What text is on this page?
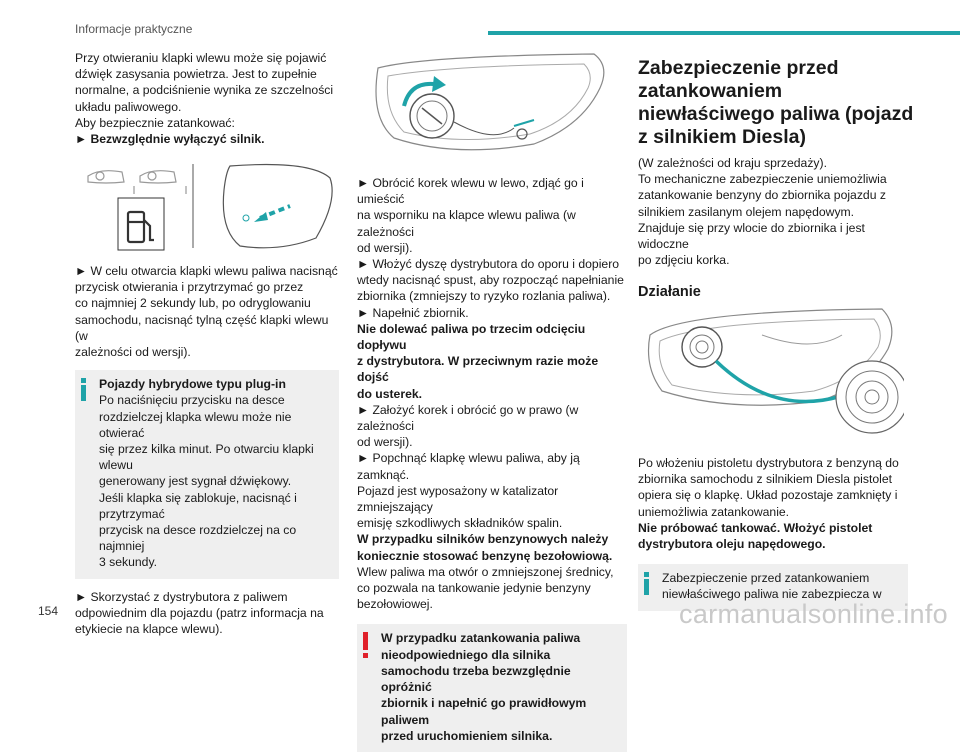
Informacje praktyczne

Przy otwieraniu klapki wlewu może się pojawić

dźwięk zasysania powietrza. Jest to zupełnie

normalne, a podciśnienie wynika ze szczelności

układu paliwowego.

Aby bezpiecznie zatankować:

► Bezwzględnie wyłączyć silnik.

► W celu otwarcia klapki wlewu paliwa nacisnąć

przycisk otwierania i przytrzymać go przez

co najmniej 2 sekundy lub, po odryglowaniu

samochodu, nacisnąć tylną część klapki wlewu (w

zależności od wersji).

Pojazdy hybrydowe typu plug-in

Po naciśnięciu przycisku na desce

rozdzielczej klapka wlewu może nie otwierać

się przez kilka minut. Po otwarciu klapki wlewu

generowany jest sygnał dźwiękowy.

Jeśli klapka się zablokuje, nacisnąć i przytrzymać

przycisk na desce rozdzielczej na co najmniej

3 sekundy.

► Skorzystać z dystrybutora z paliwem

odpowiednim dla pojazdu (patrz informacja na

etykiecie na klapce wlewu).

► Obrócić korek wlewu w lewo, zdjąć go i umieścić

na wsporniku na klapce wlewu paliwa (w zależności

od wersji).

► Włożyć dyszę dystrybutora do oporu i dopiero

wtedy nacisnąć spust, aby rozpocząć napełnianie

zbiornika (zmniejszy to ryzyko rozlania paliwa).

► Napełnić zbiornik.

Nie dolewać paliwa po trzecim odcięciu dopływu

z dystrybutora. W przeciwnym razie może dojść

do usterek.

► Założyć korek i obrócić go w prawo (w zależności

od wersji).

► Popchnąć klapkę wlewu paliwa, aby ją zamknąć.

Pojazd jest wyposażony w katalizator zmniejszający

emisję szkodliwych składników spalin.

W przypadku silników benzynowych należy

koniecznie stosować benzynę bezołowiową.

Wlew paliwa ma otwór o zmniejszonej średnicy,

co pozwala na tankowanie jedynie benzyny

bezołowiowej.

W przypadku zatankowania paliwa

nieodpowiedniego dla silnika

samochodu trzeba bezwzględnie opróżnić

zbiornik i napełnić go prawidłowym paliwem

przed uruchomieniem silnika.

Zabezpieczenie przed
zatankowaniem
niewłaściwego paliwa (pojazd
z silnikiem Diesla)

(W zależności od kraju sprzedaży).

To mechaniczne zabezpieczenie uniemożliwia

zatankowanie benzyny do zbiornika pojazdu z

silnikiem zasilanym olejem napędowym.

Znajduje się przy wlocie do zbiornika i jest widoczne

po zdjęciu korka.

Działanie

Po włożeniu pistoletu dystrybutora z benzyną do

zbiornika samochodu z silnikiem Diesla pistolet

opiera się o klapkę. Układ pozostaje zamknięty i

uniemożliwia zatankowanie.

Nie próbować tankować. Włożyć pistolet

dystrybutora oleju napędowego.

Zabezpieczenie przed zatankowaniem

niewłaściwego paliwa nie zabezpiecza w

154	carmanualsonline.info
